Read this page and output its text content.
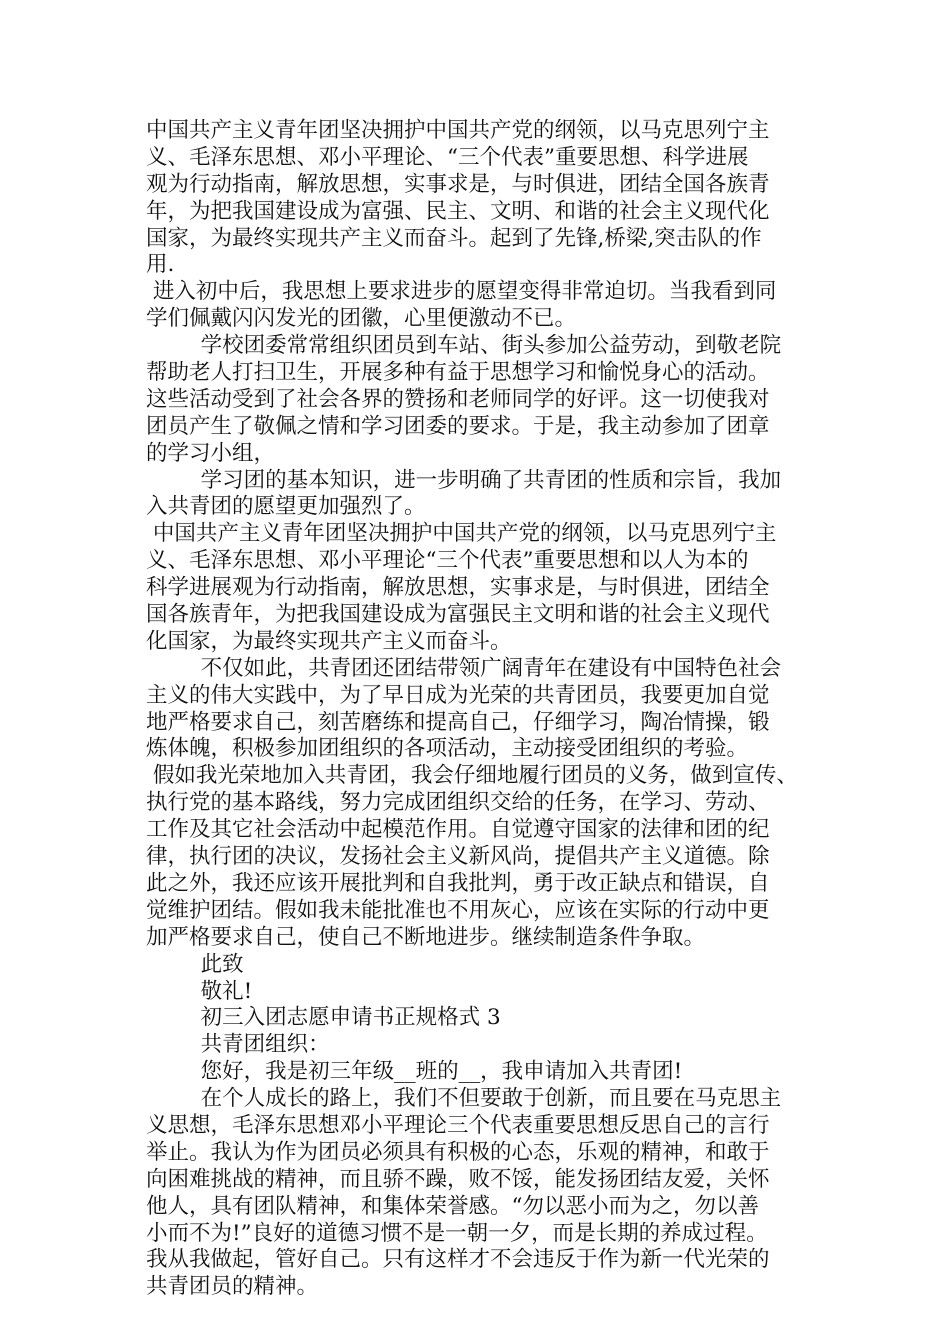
中国共产主义青年团坚决拥护中国共产党的纲领，以马克思列宁主
义、毛泽东思想、邓小平理论、“三个代表”重要思想、科学进展
观为行动指南，解放思想，实事求是，与时俱进，团结全国各族青
年，为把我国建设成为富强、民主、文明、和谐的社会主义现代化
国家，为最终实现共产主义而奋斗。起到了先锋,桥梁,突击队的作
用.
进入初中后，我思想上要求进步的愿望变得非常迫切。当我看到同
学们佩戴闪闪发光的团徽，心里便激动不已。
学校团委常常组织团员到车站、街头参加公益劳动，到敬老院
帮助老人打扫卫生，开展多种有益于思想学习和愉悦身心的活动。
这些活动受到了社会各界的赞扬和老师同学的好评。这一切使我对
团员产生了敬佩之情和学习团委的要求。于是，我主动参加了团章
的学习小组，
学习团的基本知识，进一步明确了共青团的性质和宗旨，我加
入共青团的愿望更加强烈了。
中国共产主义青年团坚决拥护中国共产党的纲领，以马克思列宁主
义、毛泽东思想、邓小平理论“三个代表”重要思想和以人为本的
科学进展观为行动指南，解放思想，实事求是，与时俱进，团结全
国各族青年，为把我国建设成为富强民主文明和谐的社会主义现代
化国家，为最终实现共产主义而奋斗。
不仅如此，共青团还团结带领广阔青年在建设有中国特色社会
主义的伟大实践中，为了早日成为光荣的共青团员，我要更加自觉
地严格要求自己，刻苦磨练和提高自己，仔细学习，陶冶情操，锻
炼体魄，积极参加团组织的各项活动，主动接受团组织的考验。
假如我光荣地加入共青团，我会仔细地履行团员的义务，做到宣传、
执行党的基本路线，努力完成团组织交给的任务，在学习、劳动、
工作及其它社会活动中起模范作用。自觉遵守国家的法律和团的纪
律，执行团的决议，发扬社会主义新风尚，提倡共产主义道德。除
此之外，我还应该开展批判和自我批判，勇于改正缺点和错误，自
觉维护团结。假如我未能批准也不用灰心，应该在实际的行动中更
加严格要求自己，使自己不断地进步。继续制造条件争取。
此致
敬礼!
初三入团志愿申请书正规格式 3
共青团组织：
您好，我是初三年级__班的__，我申请加入共青团!
在个人成长的路上，我们不但要敢于创新，而且要在马克思主
义思想，毛泽东思想邓小平理论三个代表重要思想反思自己的言行
举止。我认为作为团员必须具有积极的心态，乐观的精神，和敢于
向困难挑战的精神，而且骄不躁，败不馁，能发扬团结友爱，关怀
他人，具有团队精神，和集体荣誉感。“勿以恶小而为之，勿以善
小而不为!”良好的道德习惯不是一朝一夕，而是长期的养成过程。
我从我做起，管好自己。只有这样才不会违反于作为新一代光荣的
共青团员的精神。
